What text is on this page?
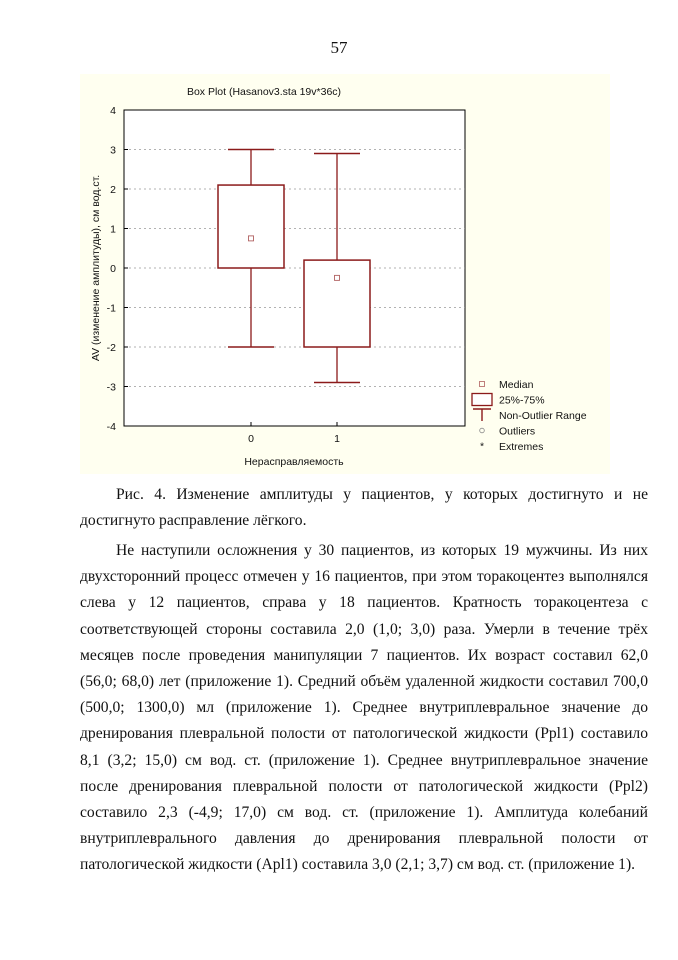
57
Box Plot (Hasanov3.sta 19v*36c)
4
3
2
1
0
-1
-2
-3
-4
0	1
AV (изменение амплитуды), см вод.ст.
Нерасправляемость
Median
25%-75%
Non-Outlier Range
Outliers
* Extremes

Рис. 4. Изменение амплитуды у пациентов, у которых достигнуто и не достигнуто расправление лёгкого.

Не наступили осложнения у 30 пациентов, из которых 19 мужчины. Из них двухсторонний процесс отмечен у 16 пациентов, при этом торакоцентез выполнялся слева у 12 пациентов, справа у 18 пациентов. Кратность торакоцентеза с соответствующей стороны составила 2,0 (1,0; 3,0) раза. Умерли в течение трёх месяцев после проведения манипуляции 7 пациентов. Их возраст составил 62,0 (56,0; 68,0) лет (приложение 1). Средний объём удаленной жидкости составил 700,0 (500,0; 1300,0) мл (приложение 1). Среднее внутриплевральное значение до дренирования плевральной полости от патологической жидкости (Ppl1) составило 8,1 (3,2; 15,0) см вод. ст. (приложение 1). Среднее внутриплевральное значение после дренирования плевральной полости от патологической жидкости (Ppl2) составило 2,3 (-4,9; 17,0) см вод. ст. (приложение 1). Амплитуда колебаний внутриплеврального давления до дренирования плевральной полости от патологической жидкости (Apl1) составила 3,0 (2,1; 3,7) см вод. ст. (приложение 1).
